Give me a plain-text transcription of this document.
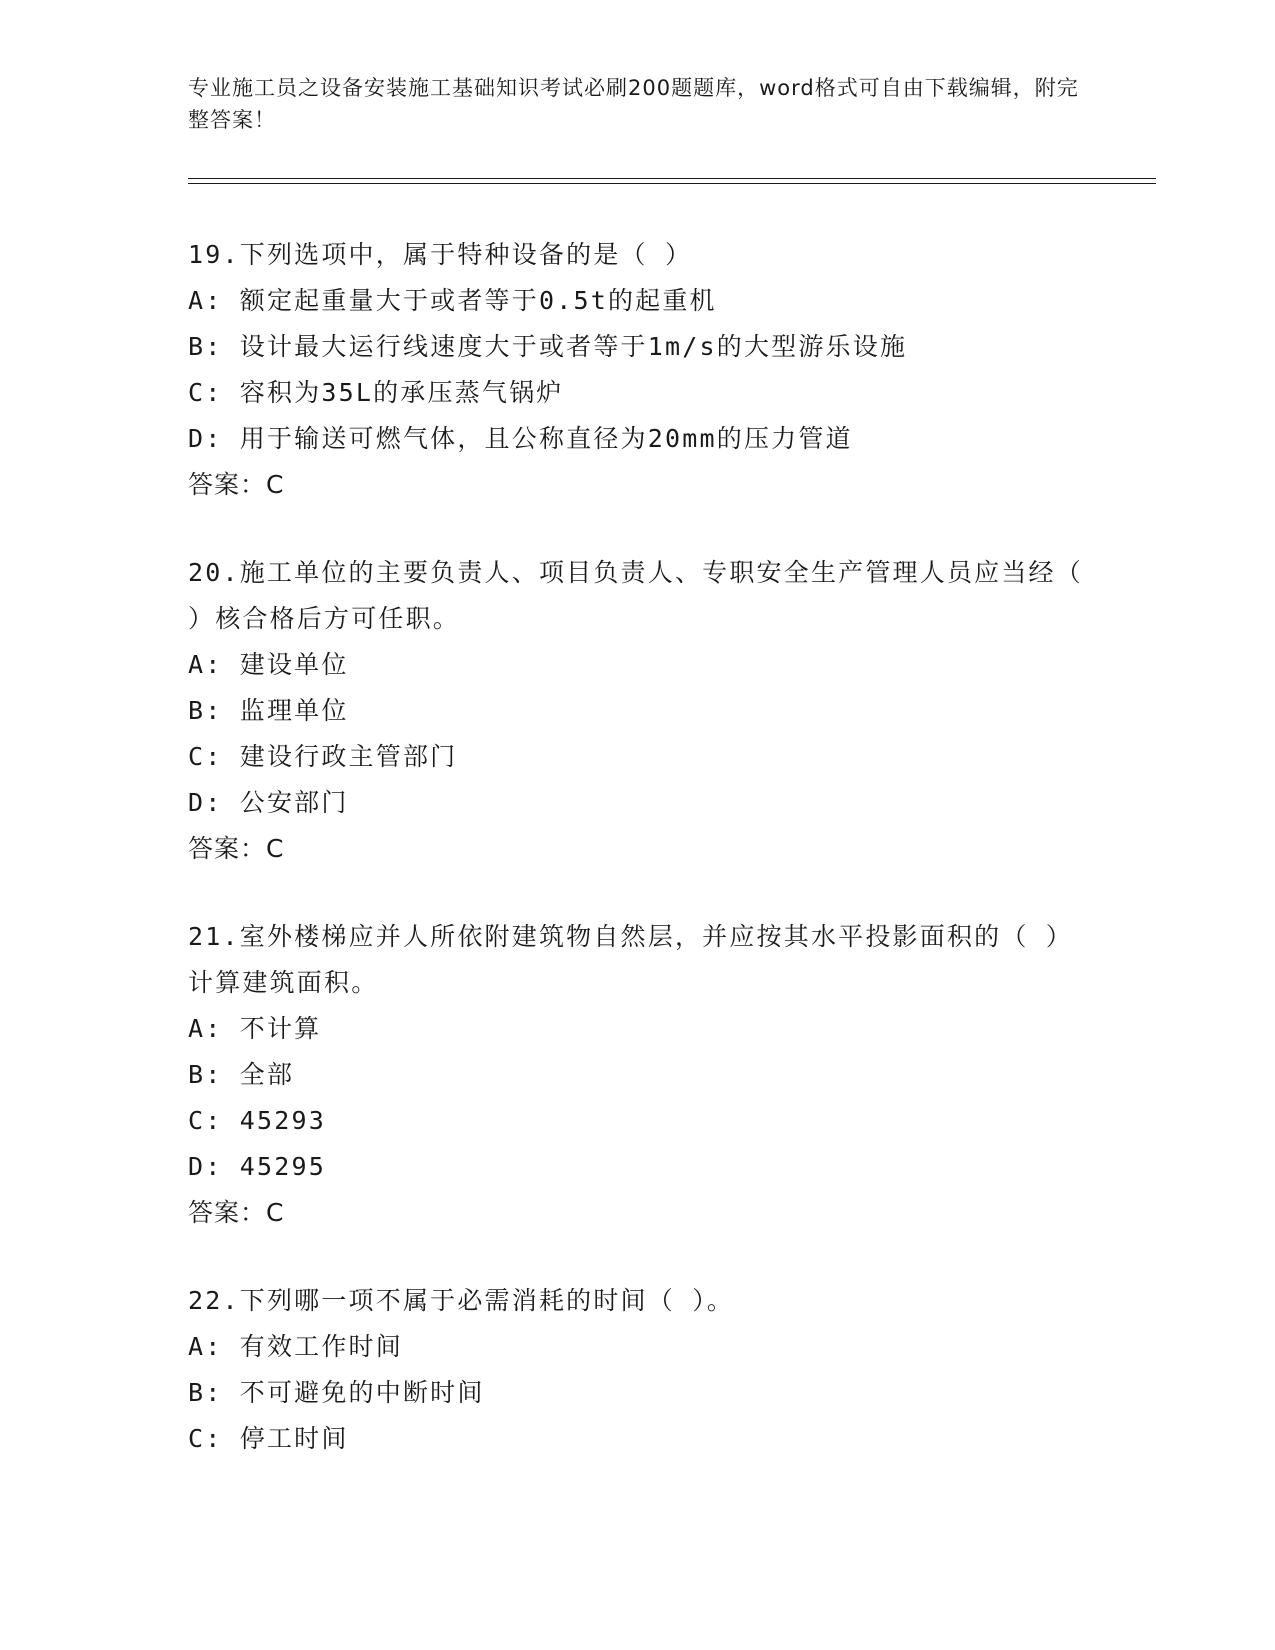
专业施工员之设备安装施工基础知识考试必刷200题题库，word格式可自由下载编辑，附完整答案！
19.下列选项中，属于特种设备的是（ ）
A: 额定起重量大于或者等于0.5t的起重机
B: 设计最大运行线速度大于或者等于1m/s的大型游乐设施
C: 容积为35L的承压蒸气锅炉
D: 用于输送可燃气体，且公称直径为20mm的压力管道
答案：C
20.施工单位的主要负责人、项目负责人、专职安全生产管理人员应当经（ ）核合格后方可任职。
A: 建设单位
B: 监理单位
C: 建设行政主管部门
D: 公安部门
答案：C
21.室外楼梯应并人所依附建筑物自然层，并应按其水平投影面积的（ ）计算建筑面积。
A: 不计算
B: 全部
C: 45293
D: 45295
答案：C
22.下列哪一项不属于必需消耗的时间（ ）。
A: 有效工作时间
B: 不可避免的中断时间
C: 停工时间
